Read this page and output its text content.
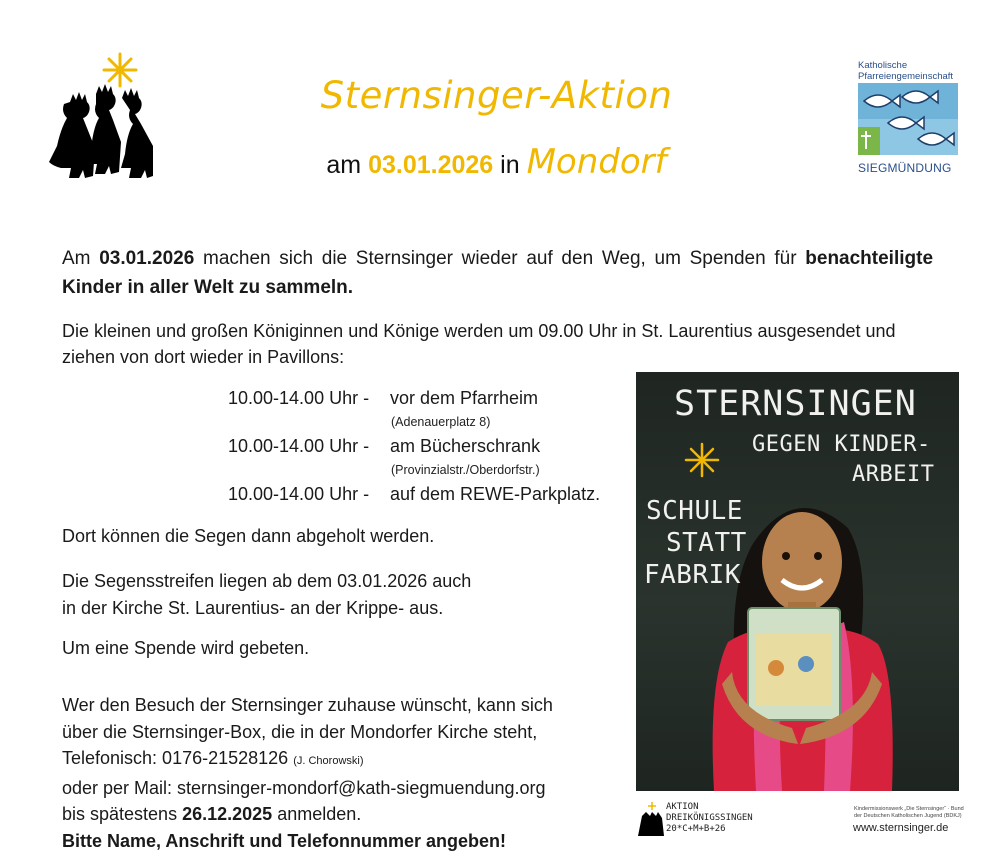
Sternsinger-Aktion
am 03.01.2026 in Mondorf
Katholische
Pfarreiengemeinschaft
SIEGMÜNDUNG
Am 03.01.2026 machen sich die Sternsinger wieder auf den Weg, um Spenden für benachteiligte Kinder in aller Welt zu sammeln.
Die kleinen und großen Königinnen und Könige werden um 09.00 Uhr in St. Laurentius ausgesendet und ziehen von dort wieder in Pavillons:
10.00-14.00 Uhr - vor dem Pfarrheim
(Adenauerplatz 8)
10.00-14.00 Uhr - am Bücherschrank
(Provinzialstr./Oberdorfstr.)
10.00-14.00 Uhr - auf dem REWE-Parkplatz.
Dort können die Segen dann abgeholt werden.
Die Segensstreifen liegen ab dem 03.01.2026 auch
in der Kirche St. Laurentius- an der Krippe- aus.
Um eine Spende wird gebeten.
Wer den Besuch der Sternsinger zuhause wünscht, kann sich
über die Sternsinger-Box, die in der Mondorfer Kirche steht,
Telefonisch: 0176-21528126 (J. Chorowski)
oder per Mail: sternsinger-mondorf@kath-siegmuendung.org
bis spätestens 26.12.2025 anmelden.
Bitte Name, Anschrift und Telefonnummer angeben!
STERNSINGEN
GEGEN KINDER-
ARBEIT
SCHULE
STATT
FABRIK
AKTION
DREIKÖNIGSSINGEN
20*C+M+B+26
Kindermissionswerk „Die Sternsinger“ · Bund der Deutschen Katholischen Jugend (BDKJ)
www.sternsinger.de
